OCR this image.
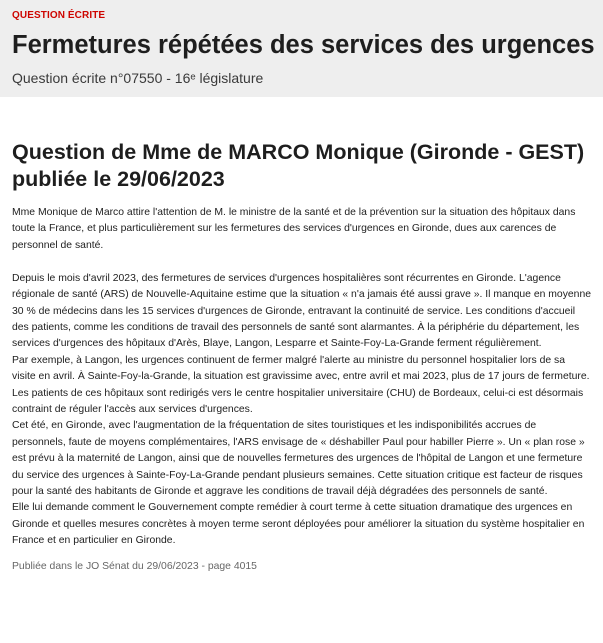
QUESTION ÉCRITE

Fermetures répétées des services des urgences

Question écrite n°07550 - 16ᵉ législature

Question de Mme de MARCO Monique (Gironde - GEST) publiée le 29/06/2023

Mme Monique de Marco attire l'attention de M. le ministre de la santé et de la prévention sur la situation des hôpitaux dans toute la France, et plus particulièrement sur les fermetures des services d'urgences en Gironde, dues aux carences de personnel de santé.

Depuis le mois d'avril 2023, des fermetures de services d'urgences hospitalières sont récurrentes en Gironde. L'agence régionale de santé (ARS) de Nouvelle-Aquitaine estime que la situation « n'a jamais été aussi grave ». Il manque en moyenne 30 % de médecins dans les 15 services d'urgences de Gironde, entravant la continuité de service. Les conditions d'accueil des patients, comme les conditions de travail des personnels de santé sont alarmantes. À la périphérie du département, les services d'urgences des hôpitaux d'Arès, Blaye, Langon, Lesparre et Sainte-Foy-La-Grande ferment régulièrement.

Par exemple, à Langon, les urgences continuent de fermer malgré l'alerte au ministre du personnel hospitalier lors de sa visite en avril. À Sainte-Foy-la-Grande, la situation est gravissime avec, entre avril et mai 2023, plus de 17 jours de fermeture. Les patients de ces hôpitaux sont redirigés vers le centre hospitalier universitaire (CHU) de Bordeaux, celui-ci est désormais contraint de réguler l'accès aux services d'urgences.

Cet été, en Gironde, avec l'augmentation de la fréquentation de sites touristiques et les indisponibilités accrues de personnels, faute de moyens complémentaires, l'ARS envisage de « déshabiller Paul pour habiller Pierre ». Un « plan rose » est prévu à la maternité de Langon, ainsi que de nouvelles fermetures des urgences de l'hôpital de Langon et une fermeture du service des urgences à Sainte-Foy-La-Grande pendant plusieurs semaines. Cette situation critique est facteur de risques pour la santé des habitants de Gironde et aggrave les conditions de travail déjà dégradées des personnels de santé.

Elle lui demande comment le Gouvernement compte remédier à court terme à cette situation dramatique des urgences en Gironde et quelles mesures concrètes à moyen terme seront déployées pour améliorer la situation du système hospitalier en France et en particulier en Gironde.

Publiée dans le JO Sénat du 29/06/2023 - page 4015
